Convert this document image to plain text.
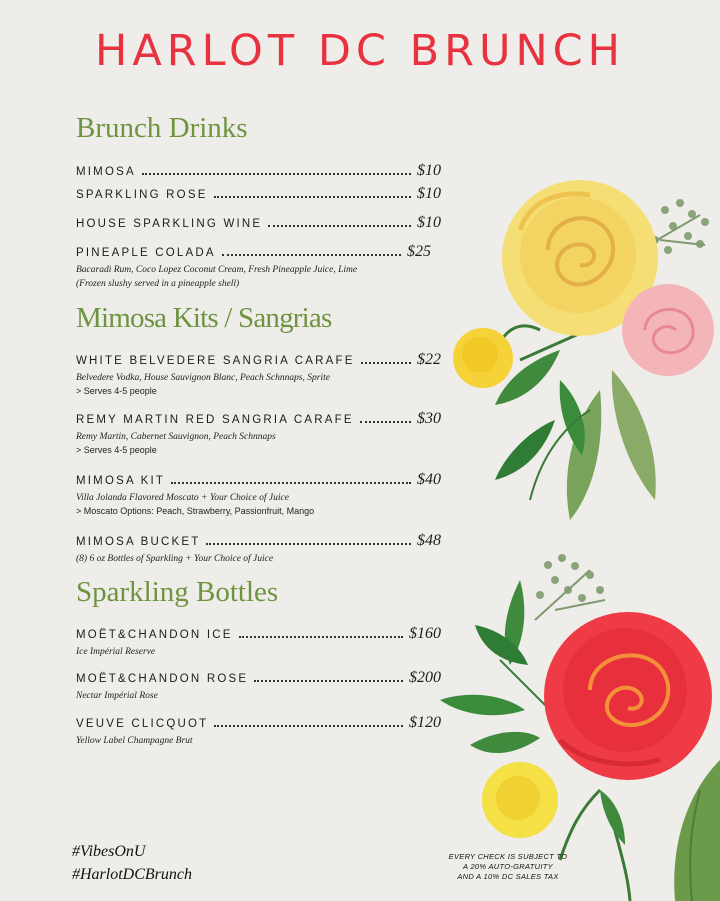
HARLOT DC BRUNCH
Brunch Drinks
MIMOSA	$10
SPARKLING ROSE	$10
HOUSE SPARKLING WINE	$10
PINEAPLE COLADA	$25
Bacaradi Rum, Coco Lopez Coconut Cream, Fresh Pineapple Juice, Lime
(Frozen slushy served in a pineapple shell)
Mimosa Kits / Sangrias
WHITE BELVEDERE SANGRIA CARAFE	$22
Belvedere Vodka, House Sauvignon Blanc, Peach Schnnaps, Sprite
> Serves 4-5 people
REMY MARTIN RED SANGRIA CARAFE	$30
Remy Martin, Cabernet Sauvignon, Peach Schnnaps
> Serves 4-5 people
MIMOSA KIT	$40
Villa Jolanda Flavored Moscato + Your Choice of Juice
> Moscato Options: Peach, Strawberry, Passionfruit, Mango
MIMOSA BUCKET	$48
(8) 6 oz Bottles of Sparkling + Your Choice of Juice
Sparkling Bottles
MOËT&CHANDON ICE	$160
Ice Impérial Reserve
MOËT&CHANDON ROSE	$200
Nectar Impérial Rose
VEUVE CLICQUOT	$120
Yellow Label Champagne Brut
#VibesOnU
#HarlotDCBrunch
EVERY CHECK IS SUBJECT TO
A 20% AUTO-GRATUITY
AND A 10% DC SALES TAX
